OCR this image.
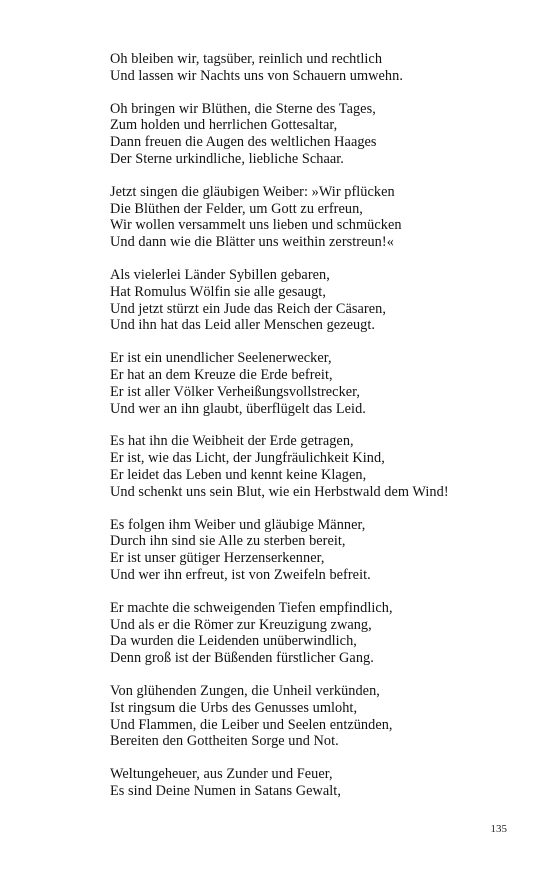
Oh bleiben wir, tagsüber, reinlich und rechtlich
Und lassen wir Nachts uns von Schauern umwehn.
Oh bringen wir Blüthen, die Sterne des Tages,
Zum holden und herrlichen Gottesaltar,
Dann freuen die Augen des weltlichen Haages
Der Sterne urkindliche, liebliche Schaar.
Jetzt singen die gläubigen Weiber: »Wir pflücken
Die Blüthen der Felder, um Gott zu erfreun,
Wir wollen versammelt uns lieben und schmücken
Und dann wie die Blätter uns weithin zerstreun!«
Als vielerlei Länder Sybillen gebaren,
Hat Romulus Wölfin sie alle gesaugt,
Und jetzt stürzt ein Jude das Reich der Cäsaren,
Und ihn hat das Leid aller Menschen gezeugt.
Er ist ein unendlicher Seelenerwecker,
Er hat an dem Kreuze die Erde befreit,
Er ist aller Völker Verheißungsvollstrecker,
Und wer an ihn glaubt, überflügelt das Leid.
Es hat ihn die Weibheit der Erde getragen,
Er ist, wie das Licht, der Jungfräulichkeit Kind,
Er leidet das Leben und kennt keine Klagen,
Und schenkt uns sein Blut, wie ein Herbstwald dem Wind!
Es folgen ihm Weiber und gläubige Männer,
Durch ihn sind sie Alle zu sterben bereit,
Er ist unser gütiger Herzenserkenner,
Und wer ihn erfreut, ist von Zweifeln befreit.
Er machte die schweigenden Tiefen empfindlich,
Und als er die Römer zur Kreuzigung zwang,
Da wurden die Leidenden unüberwindlich,
Denn groß ist der Büßenden fürstlicher Gang.
Von glühenden Zungen, die Unheil verkünden,
Ist ringsum die Urbs des Genusses umloht,
Und Flammen, die Leiber und Seelen entzünden,
Bereiten den Gottheiten Sorge und Not.
Weltungeheuer, aus Zunder und Feuer,
Es sind Deine Numen in Satans Gewalt,
135
